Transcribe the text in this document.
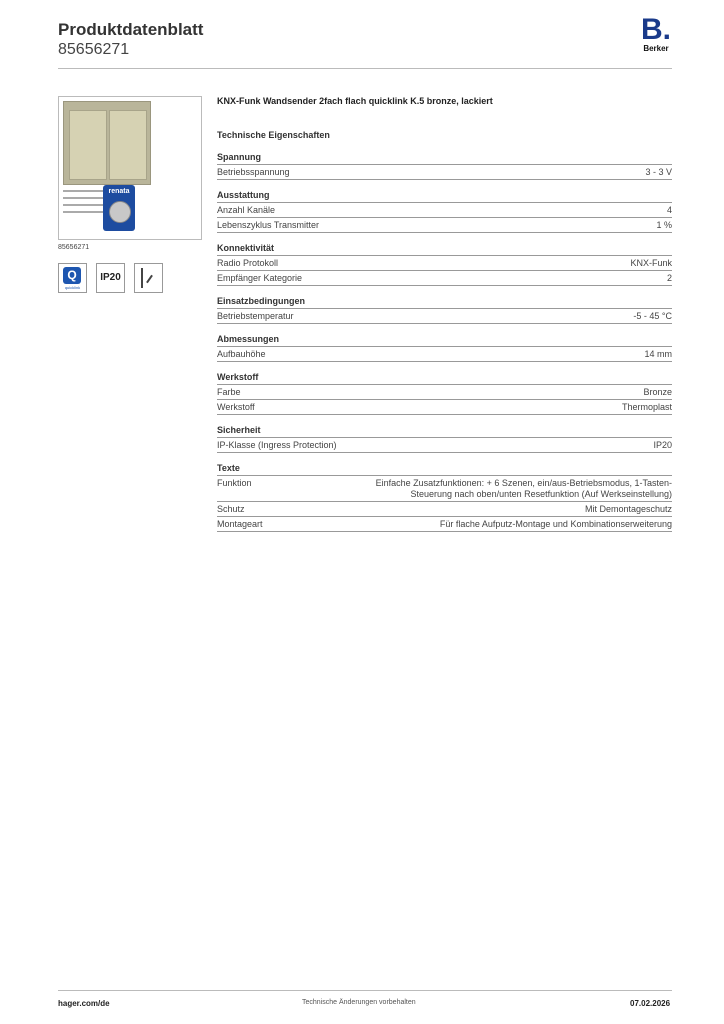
Produktdatenblatt
85656271
B.
Berker
renata
85656271
Q
quicklink
IP20
KNX-Funk Wandsender 2fach flach quicklink K.5 bronze, lackiert
Technische Eigenschaften
Spannung
Betriebsspannung	3 - 3 V
Ausstattung
Anzahl Kanäle	4
Lebenszyklus Transmitter	1 %
Konnektivität
Radio Protokoll	KNX-Funk
Empfänger Kategorie	2
Einsatzbedingungen
Betriebstemperatur	-5 - 45 °C
Abmessungen
Aufbauhöhe	14 mm
Werkstoff
Farbe	Bronze
Werkstoff	Thermoplast
Sicherheit
IP-Klasse (Ingress Protection)	IP20
Texte
Funktion	Einfache Zusatzfunktionen: + 6 Szenen, ein/aus-Betriebsmodus, 1-Tasten-Steuerung nach oben/unten Resetfunktion (Auf Werkseinstellung)
Schutz	Mit Demontageschutz
Montageart	Für flache Aufputz-Montage und Kombinationserweiterung
hager.com/de	Technische Änderungen vorbehalten	07.02.2026
